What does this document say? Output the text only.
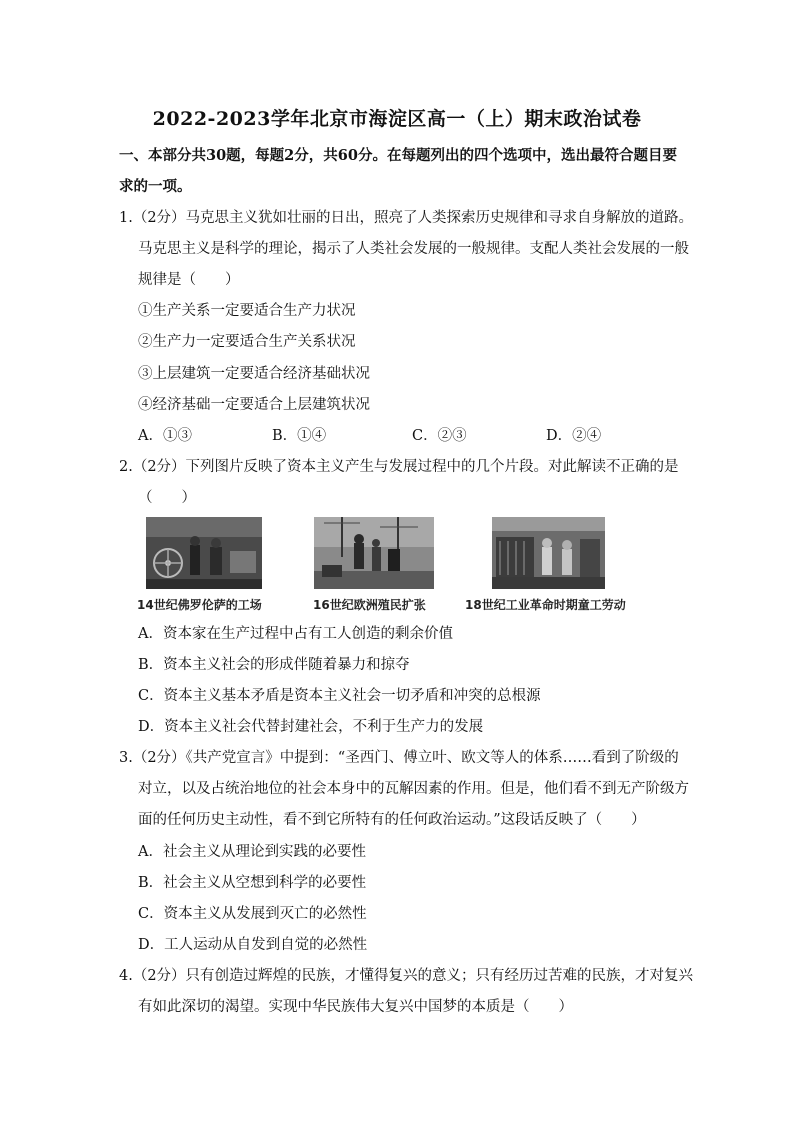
2022-2023学年北京市海淀区高一（上）期末政治试卷
一、本部分共30题，每题2分，共60分。在每题列出的四个选项中，选出最符合题目要
求的一项。
1.（2分）马克思主义犹如壮丽的日出，照亮了人类探索历史规律和寻求自身解放的道路。
马克思主义是科学的理论，揭示了人类社会发展的一般规律。支配人类社会发展的一般
规律是（　　）
①生产关系一定要适合生产力状况
②生产力一定要适合生产关系状况
③上层建筑一定要适合经济基础状况
④经济基础一定要适合上层建筑状况
A．①③	B．①④	C．②③	D．②④
2.（2分）下列图片反映了资本主义产生与发展过程中的几个片段。对此解读不正确的是
（　　）
14世纪佛罗伦萨的工场	16世纪欧洲殖民扩张	18世纪工业革命时期童工劳动
A．资本家在生产过程中占有工人创造的剩余价值
B．资本主义社会的形成伴随着暴力和掠夺
C．资本主义基本矛盾是资本主义社会一切矛盾和冲突的总根源
D．资本主义社会代替封建社会，不利于生产力的发展
3.（2分）《共产党宣言》中提到：“圣西门、傅立叶、欧文等人的体系……看到了阶级的
对立，以及占统治地位的社会本身中的瓦解因素的作用。但是，他们看不到无产阶级方
面的任何历史主动性，看不到它所特有的任何政治运动。”这段话反映了（　　）
A．社会主义从理论到实践的必要性
B．社会主义从空想到科学的必要性
C．资本主义从发展到灭亡的必然性
D．工人运动从自发到自觉的必然性
4.（2分）只有创造过辉煌的民族，才懂得复兴的意义；只有经历过苦难的民族，才对复兴
有如此深切的渴望。实现中华民族伟大复兴中国梦的本质是（　　）
